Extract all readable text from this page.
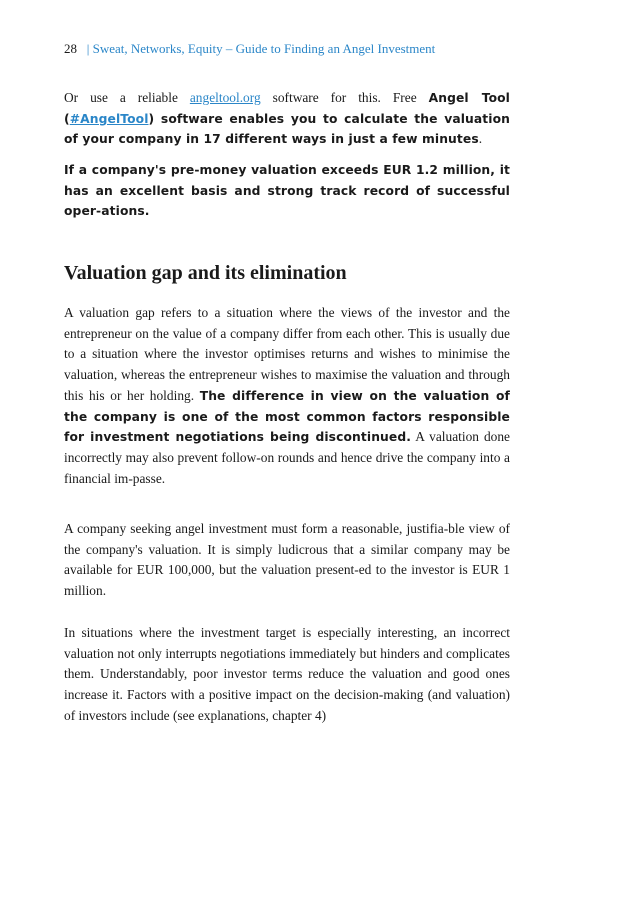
28 | Sweat, Networks, Equity – Guide to Finding an Angel Investment

Or use a reliable angeltool.org software for this. Free Angel Tool (#AngelTool) software enables you to calculate the valuation of your company in 17 different ways in just a few minutes.

If a company's pre-money valuation exceeds EUR 1.2 million, it has an excellent basis and strong track record of successful oper-ations.

Valuation gap and its elimination

A valuation gap refers to a situation where the views of the investor and the entrepreneur on the value of a company differ from each other. This is usually due to a situation where the investor optimises returns and wishes to minimise the valuation, whereas the entrepreneur wishes to maximise the valuation and through this his or her holding. The difference in view on the valuation of the company is one of the most common factors responsible for investment negotiations being discontinued. A valuation done incorrectly may also prevent follow-on rounds and hence drive the company into a financial im-passe.

A company seeking angel investment must form a reasonable, justifia-ble view of the company's valuation. It is simply ludicrous that a similar company may be available for EUR 100,000, but the valuation present-ed to the investor is EUR 1 million.

In situations where the investment target is especially interesting, an incorrect valuation not only interrupts negotiations immediately but hinders and complicates them. Understandably, poor investor terms reduce the valuation and good ones increase it. Factors with a positive impact on the decision-making (and valuation) of investors include (see explanations, chapter 4)
